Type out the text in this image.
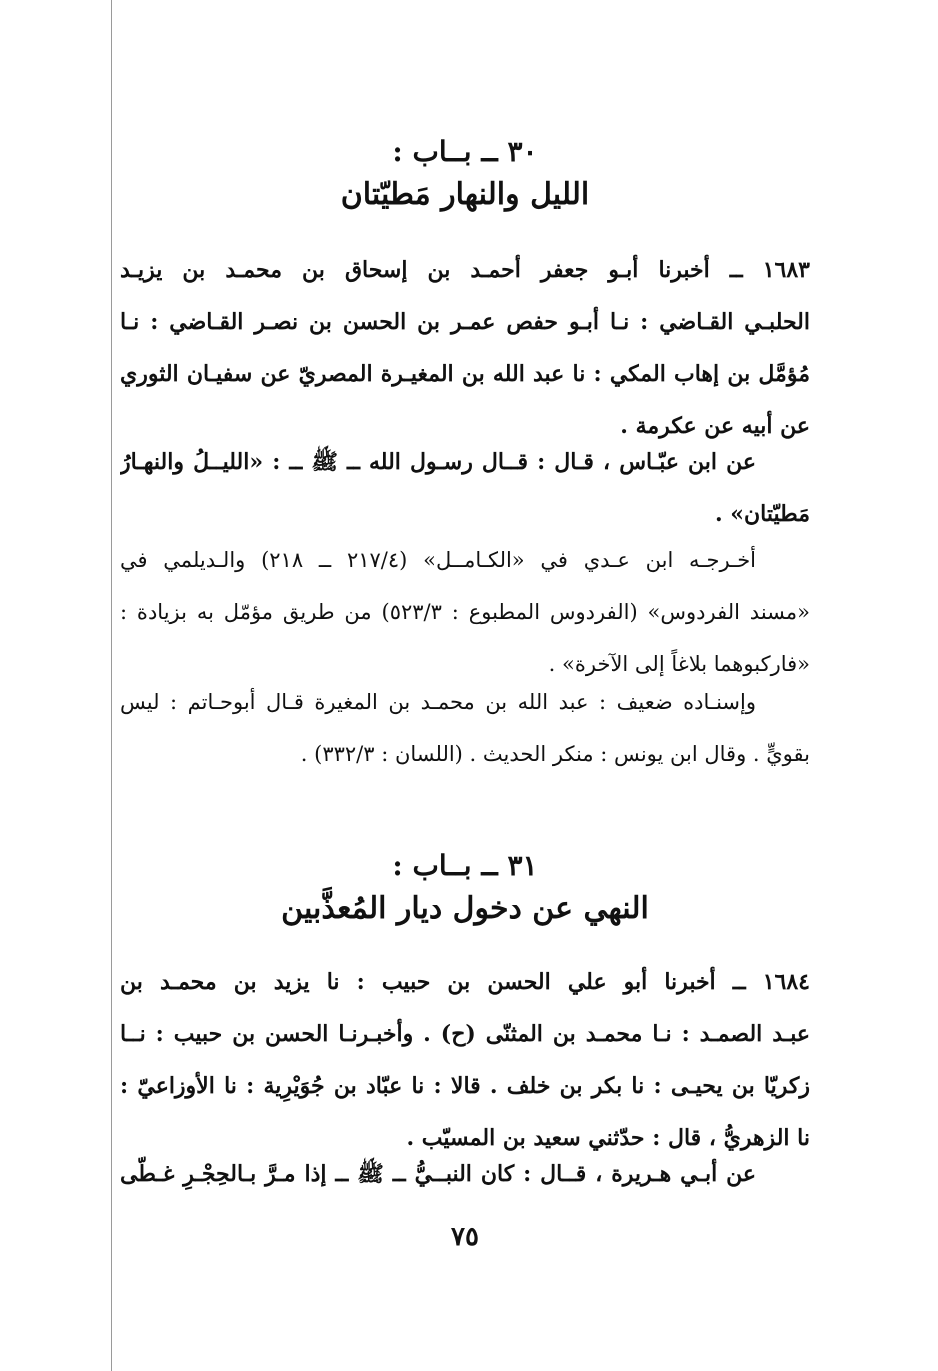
٣٠ ــ بــاب :
الليل والنهار مَطيّتان
١٦٨٣ ــ أخبرنا أبـو جعفر أحمـد بن إسحاق بن محمـد بن يزيـد
الحلبـي القـاضي : نـا أبـو حفص عمـر بن الحسن بن نصـر القـاضي : نـا
مُؤمَّل بن إهاب المكي : نا عبد الله بن المغيـرة المصريّ عن سفيـان الثوري
عن أبيه عن عكرمة .
عن ابن عبّـاس ، قـال : قــال رسـول الله ــ ﷺ ــ : «الليــلُ والنهـارُ
مَطيّتان» .
أخـرجـه ابن عـدي في «الكـامــل» (٢١٧/٤ ــ ٢١٨) والـديلمي في
«مسند الفردوس» (الفردوس المطبوع : ٥٢٣/٣) من طريق مؤمّل به بزيادة :
«فاركبوهما بلاغاً إلى الآخرة» .
وإسنـاده ضعيف : عبد الله بن محمـد بن المغيرة قـال أبوحـاتم : ليس
بقويٍّ . وقال ابن يونس : منكر الحديث . (اللسان : ٣٣٢/٣) .
٣١ ــ بــاب :
النهي عن دخول ديار المُعذَّبين
١٦٨٤ ــ أخبرنا أبو علي الحسن بن حبيب : نا يزيد بن محمـد بن
عبـد الصمـد : نـا محمـد بن المثنّى (ح) . وأخبـرنـا الحسن بن حبيب : نــا
زكريّا بن يحيـى : نا بكر بن خلف . قالا : نا عبّاد بن جُوَيْرِية : نا الأوزاعيّ :
نا الزهريُّ ، قال : حدّثني سعيد بن المسيّب .
عن أبـي هـريرة ، قــال : كان النبــيُّ ــ ﷺ ــ إذا مـرَّ بـالحِجْـرِ غـطّى
٧٥
